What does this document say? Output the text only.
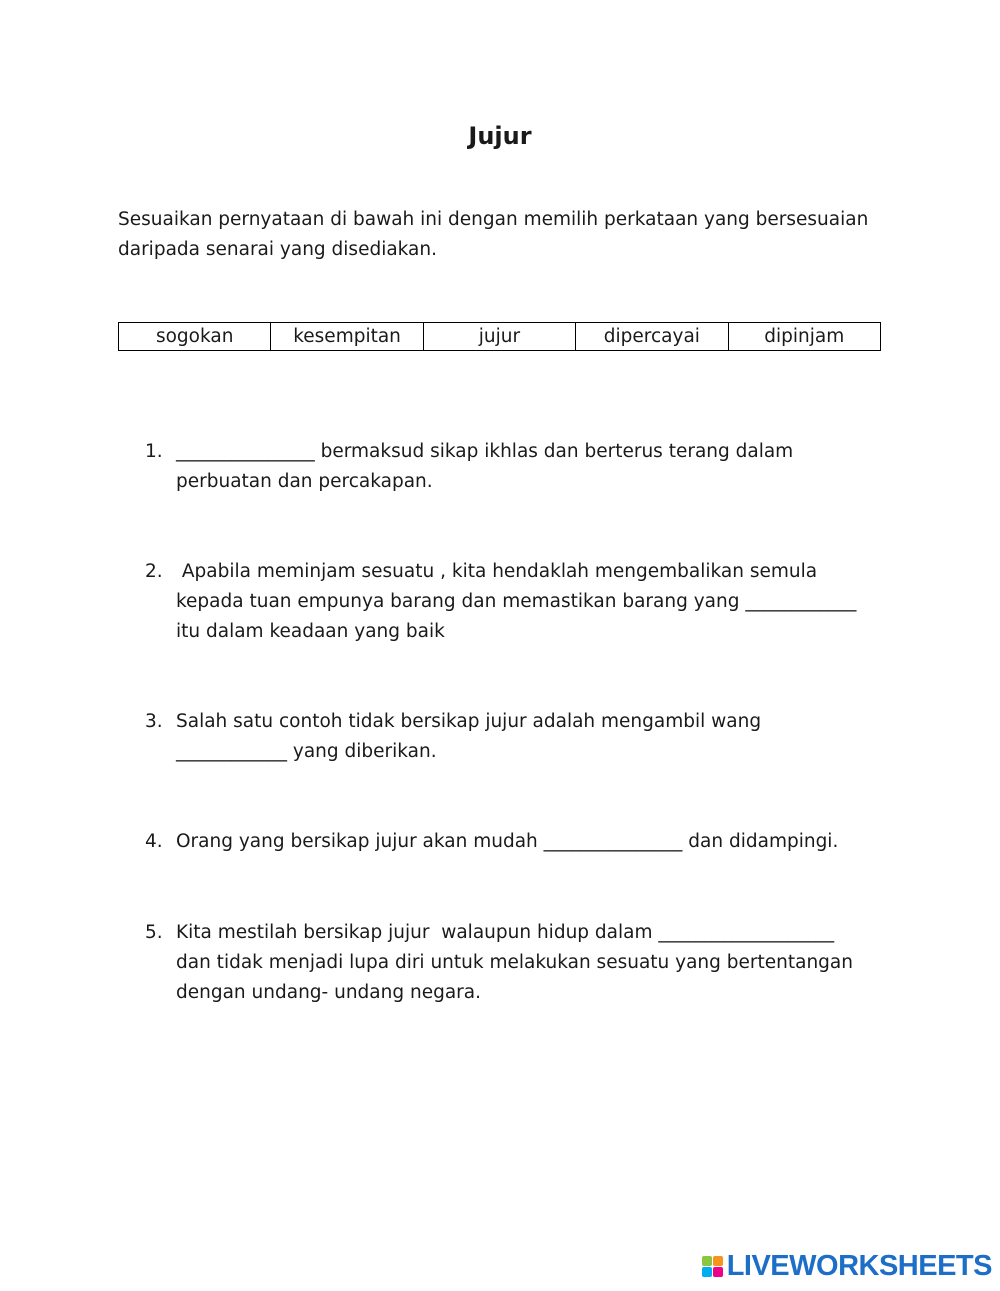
Jujur
Sesuaikan pernyataan di bawah ini dengan memilih perkataan yang bersesuaian
daripada senarai yang disediakan.
sogokan	kesempitan	jujur	dipercayai	dipinjam
1. _______________ bermaksud sikap ikhlas dan berterus terang dalam
perbuatan dan percakapan.
2. Apabila meminjam sesuatu , kita hendaklah mengembalikan semula
kepada tuan empunya barang dan memastikan barang yang ____________
itu dalam keadaan yang baik
3. Salah satu contoh tidak bersikap jujur adalah mengambil wang
____________ yang diberikan.
4. Orang yang bersikap jujur akan mudah _______________ dan didampingi.
5. Kita mestilah bersikap jujur  walaupun hidup dalam ___________________
dan tidak menjadi lupa diri untuk melakukan sesuatu yang bertentangan
dengan undang- undang negara.
LIVEWORKSHEETS
